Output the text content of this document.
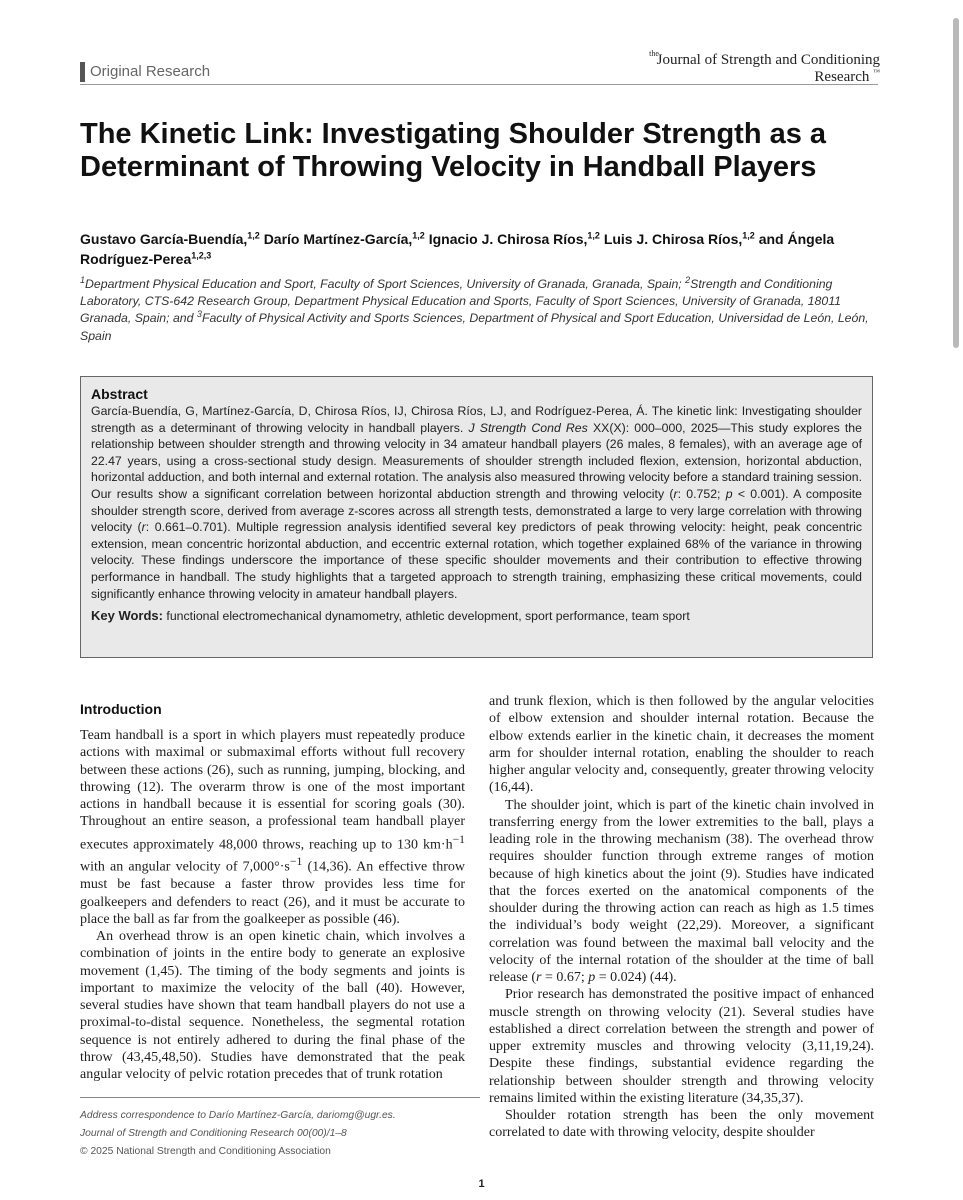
Original Research
$^{the}$ Journal of Strength and Conditioning Research ™
The Kinetic Link: Investigating Shoulder Strength as a Determinant of Throwing Velocity in Handball Players
Gustavo García-Buendía,$^{1,2}$ Darío Martínez-García,$^{1,2}$ Ignacio J. Chirosa Ríos,$^{1,2}$ Luis J. Chirosa Ríos,$^{1,2}$ and Ángela Rodríguez-Perea$^{1,2,3}$
$^1$Department Physical Education and Sport, Faculty of Sport Sciences, University of Granada, Granada, Spain; $^2$Strength and Conditioning Laboratory, CTS-642 Research Group, Department Physical Education and Sports, Faculty of Sport Sciences, University of Granada, 18011 Granada, Spain; and $^3$Faculty of Physical Activity and Sports Sciences, Department of Physical and Sport Education, Universidad de León, León, Spain
Abstract
García-Buendía, G, Martínez-García, D, Chirosa Ríos, IJ, Chirosa Ríos, LJ, and Rodríguez-Perea, Á. The kinetic link: Investigating shoulder strength as a determinant of throwing velocity in handball players. J Strength Cond Res XX(X): 000–000, 2025—This study explores the relationship between shoulder strength and throwing velocity in 34 amateur handball players (26 males, 8 females), with an average age of 22.47 years, using a cross-sectional study design. Measurements of shoulder strength included flexion, extension, horizontal abduction, horizontal adduction, and both internal and external rotation. The analysis also measured throwing velocity before a standard training session. Our results show a significant correlation between horizontal abduction strength and throwing velocity (r: 0.752; p < 0.001). A composite shoulder strength score, derived from average z-scores across all strength tests, demonstrated a large to very large correlation with throwing velocity (r: 0.661–0.701). Multiple regression analysis identified several key predictors of peak throwing velocity: height, peak concentric extension, mean concentric horizontal abduction, and eccentric external rotation, which together explained 68% of the variance in throwing velocity. These findings underscore the importance of these specific shoulder movements and their contribution to effective throwing performance in handball. The study highlights that a targeted approach to strength training, emphasizing these critical movements, could significantly enhance throwing velocity in amateur handball players.
Key Words: functional electromechanical dynamometry, athletic development, sport performance, team sport
Introduction

Team handball is a sport in which players must repeatedly produce actions with maximal or submaximal efforts without full recovery between these actions (26), such as running, jumping, blocking, and throwing (12). The overarm throw is one of the most important actions in handball because it is essential for scoring goals (30). Throughout an entire season, a professional team handball player executes approximately 48,000 throws, reaching up to 130 $km\cdot h^{-1}$ with an angular velocity of $7,000^\circ\cdot s^{-1}$ (14,36). An effective throw must be fast because a faster throw provides less time for goalkeepers and defenders to react (26), and it must be accurate to place the ball as far from the goalkeeper as possible (46).

An overhead throw is an open kinetic chain, which involves a combination of joints in the entire body to generate an explosive movement (1,45). The timing of the body segments and joints is important to maximize the velocity of the ball (40). However, several studies have shown that team handball players do not use a proximal-to-distal sequence. Nonetheless, the segmental rotation sequence is not entirely adhered to during the final phase of the throw (43,45,48,50). Studies have demonstrated that the peak angular velocity of pelvic rotation precedes that of trunk rotation

and trunk flexion, which is then followed by the angular velocities of elbow extension and shoulder internal rotation. Because the elbow extends earlier in the kinetic chain, it decreases the moment arm for shoulder internal rotation, enabling the shoulder to reach higher angular velocity and, consequently, greater throwing velocity (16,44).

The shoulder joint, which is part of the kinetic chain involved in transferring energy from the lower extremities to the ball, plays a leading role in the throwing mechanism (38). The overhead throw requires shoulder function through extreme ranges of motion because of high kinetics about the joint (9). Studies have indicated that the forces exerted on the anatomical components of the shoulder during the throwing action can reach as high as 1.5 times the individual’s body weight (22,29). Moreover, a significant correlation was found between the maximal ball velocity and the velocity of the internal rotation of the shoulder at the time of ball release (r = 0.67; p = 0.024) (44).

Prior research has demonstrated the positive impact of enhanced muscle strength on throwing velocity (21). Several studies have established a direct correlation between the strength and power of upper extremity muscles and throwing velocity (3,11,19,24). Despite these findings, substantial evidence regarding the relationship between shoulder strength and throwing velocity remains limited within the existing literature (34,35,37).

Shoulder rotation strength has been the only movement correlated to date with throwing velocity, despite shoulder

Address correspondence to Darío Martínez-García, dariomg@ugr.es.
Journal of Strength and Conditioning Research 00(00)/1–8
© 2025 National Strength and Conditioning Association
1
